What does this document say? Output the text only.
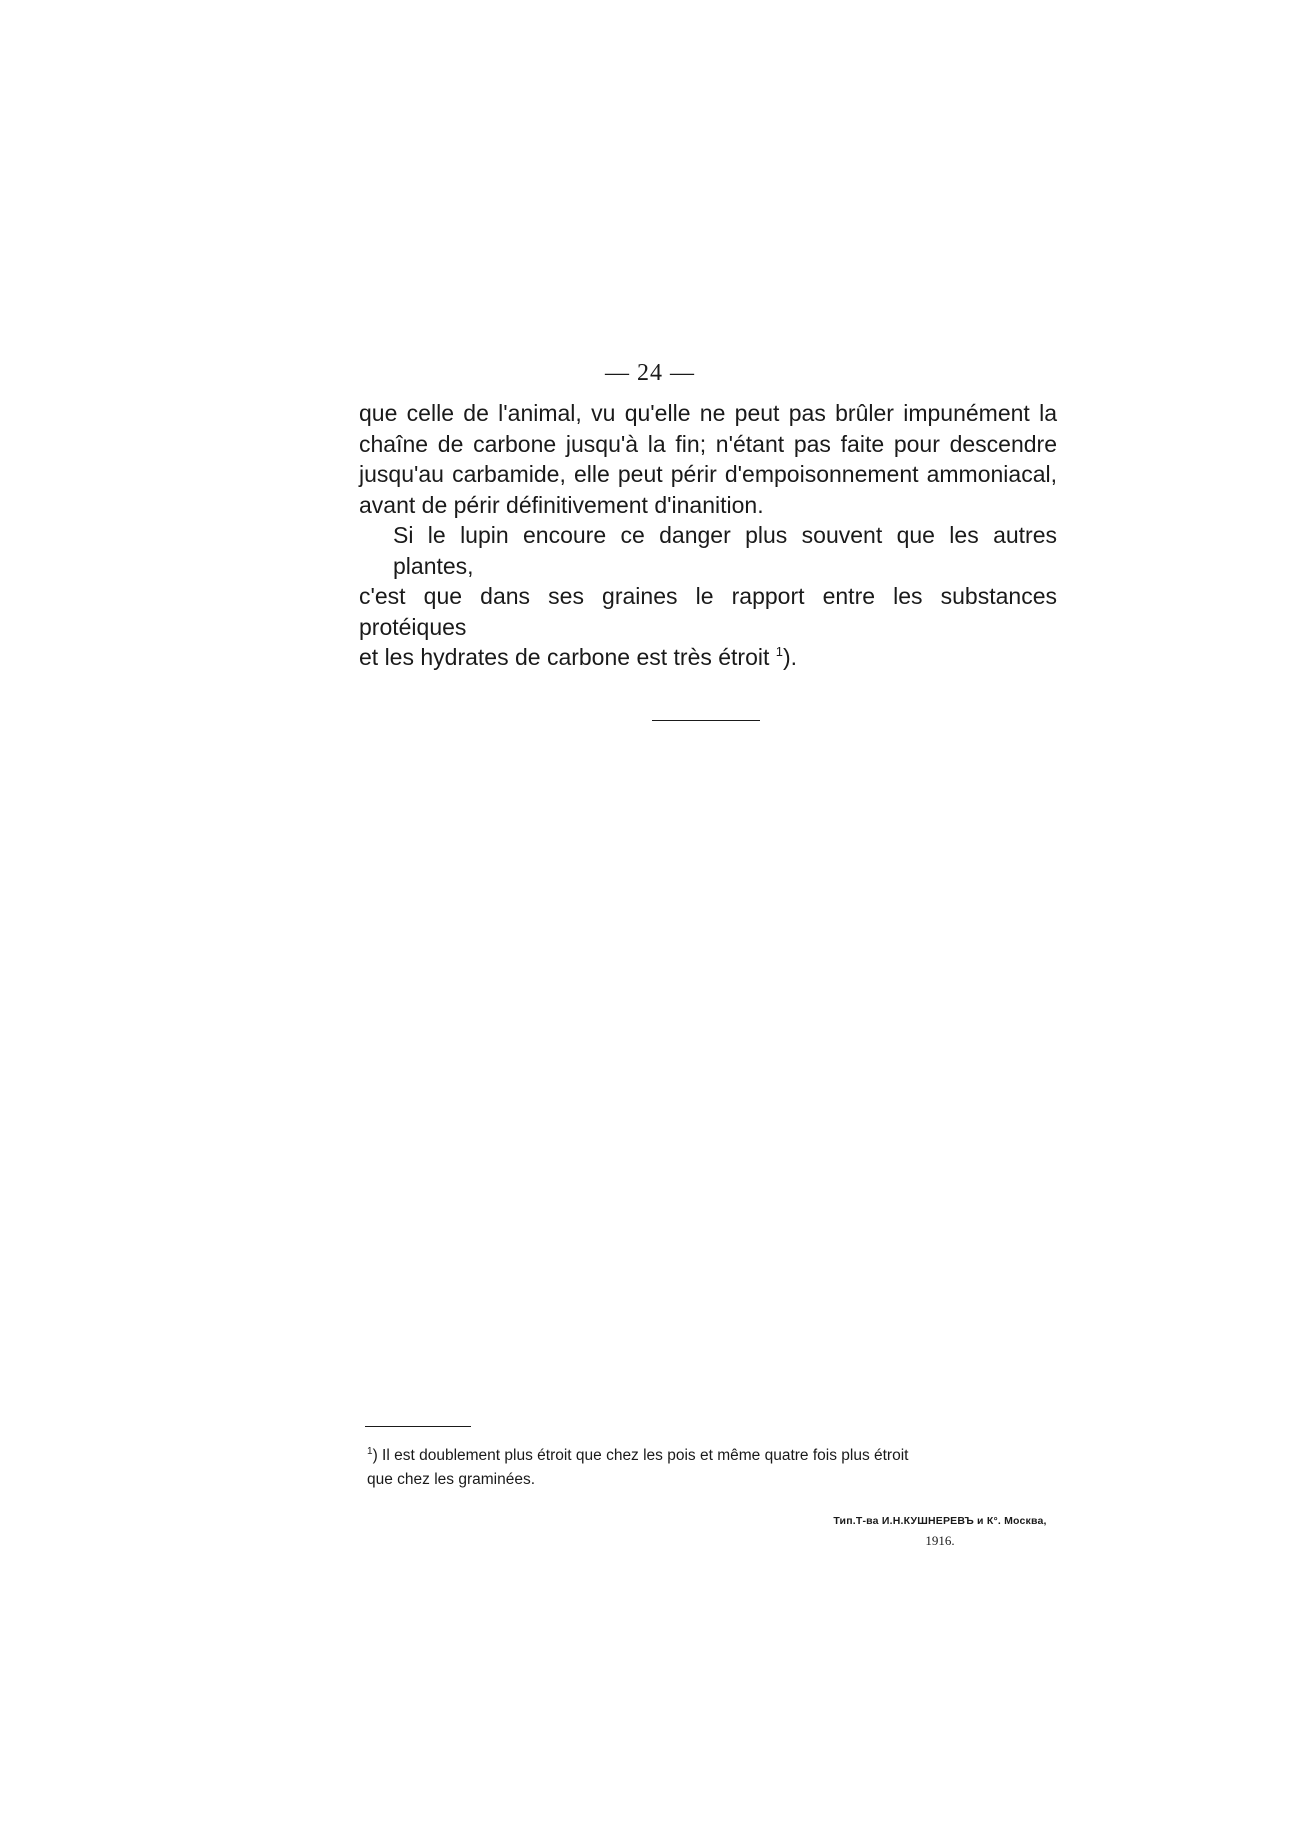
— 24 —
que celle de l'animal, vu qu'elle ne peut pas brûler impunément la
chaîne de carbone jusqu'à la fin; n'étant pas faite pour descendre
jusqu'au carbamide, elle peut périr d'empoisonnement ammoniacal,
avant de périr définitivement d'inanition.
Si le lupin encoure ce danger plus souvent que les autres plantes,
c'est que dans ses graines le rapport entre les substances protéiques
et les hydrates de carbone est très étroit $^1$).
$^1$) Il est doublement plus étroit que chez les pois et même quatre fois plus étroit
que chez les graminées.
Тип.Т-ва И.Н.КУШНЕРЕВЪ и К°. Москва,
1916.
